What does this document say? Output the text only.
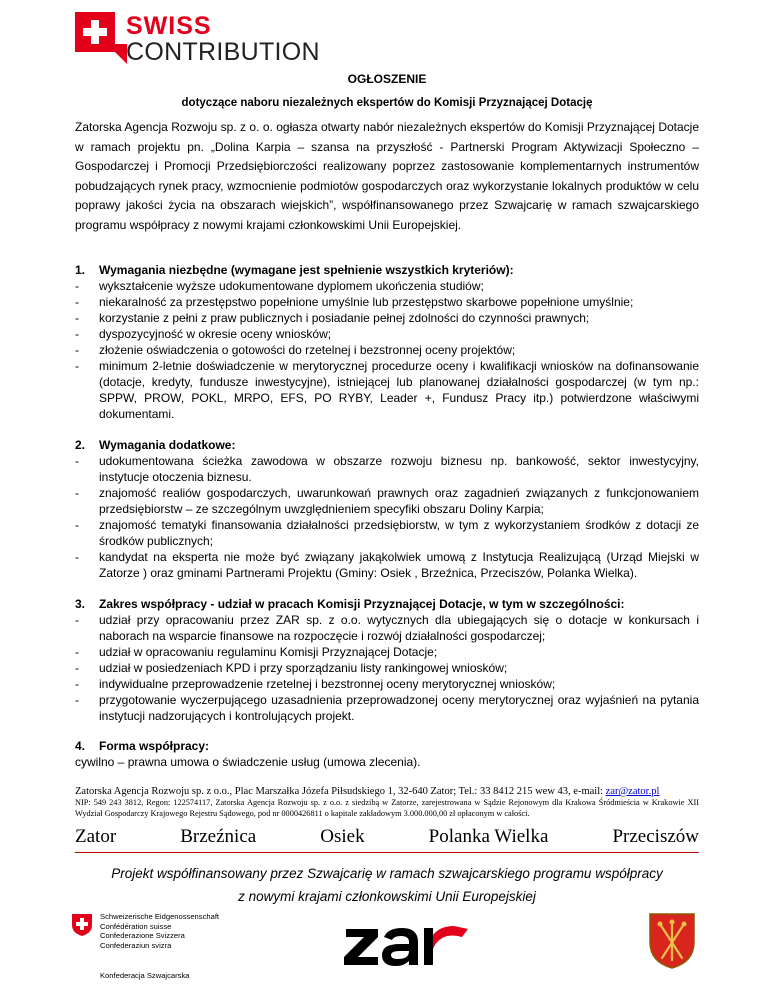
SWISS
CONTRIBUTION
OGŁOSZENIE
dotyczące naboru niezależnych ekspertów do Komisji Przyznającej Dotację
Zatorska Agencja Rozwoju sp. z o. o. ogłasza otwarty nabór niezależnych ekspertów do Komisji Przyznającej Dotacje w ramach projektu pn. „Dolina Karpia – szansa na przyszłość - Partnerski Program Aktywizacji Społeczno – Gospodarczej i Promocji Przedsiębiorczości realizowany poprzez zastosowanie komplementarnych instrumentów pobudzających rynek pracy, wzmocnienie podmiotów gospodarczych oraz wykorzystanie lokalnych produktów w celu poprawy jakości życia na obszarach wiejskich”, współfinansowanego przez Szwajcarię w ramach szwajcarskiego programu współpracy z nowymi krajami członkowskimi Unii Europejskiej.
1. Wymagania niezbędne (wymagane jest spełnienie wszystkich kryteriów):
- wykształcenie wyższe udokumentowane dyplomem ukończenia studiów;
- niekaralność za przestępstwo popełnione umyślnie lub przestępstwo skarbowe popełnione umyślnie;
- korzystanie z pełni z praw publicznych i posiadanie pełnej zdolności do czynności prawnych;
- dyspozycyjność w okresie oceny wniosków;
- złożenie oświadczenia o gotowości do rzetelnej i bezstronnej oceny projektów;
- minimum 2-letnie doświadczenie w merytorycznej procedurze oceny i kwalifikacji wniosków na dofinansowanie (dotacje, kredyty, fundusze inwestycyjne), istniejącej lub planowanej działalności gospodarczej (w tym np.: SPPW, PROW, POKL, MRPO, EFS, PO RYBY, Leader +, Fundusz Pracy itp.) potwierdzone właściwymi dokumentami.
2. Wymagania dodatkowe:
- udokumentowana ścieżka zawodowa w obszarze rozwoju biznesu np. bankowość, sektor inwestycyjny, instytucje otoczenia biznesu.
- znajomość realiów gospodarczych, uwarunkowań prawnych oraz zagadnień związanych z funkcjonowaniem przedsiębiorstw – ze szczególnym uwzględnieniem specyfiki obszaru Doliny Karpia;
- znajomość tematyki finansowania działalności przedsiębiorstw, w tym z wykorzystaniem środków z dotacji ze środków publicznych;
- kandydat na eksperta nie może być związany jakąkolwiek umową z Instytucja Realizującą (Urząd Miejski w Zatorze ) oraz gminami Partnerami Projektu (Gminy: Osiek , Brzeźnica, Przeciszów, Polanka Wielka).
3. Zakres współpracy - udział w pracach Komisji Przyznającej Dotacje, w tym w szczególności:
- udział przy opracowaniu przez ZAR sp. z o.o. wytycznych dla ubiegających się o dotacje w konkursach i naborach na wsparcie finansowe na rozpoczęcie i rozwój działalności gospodarczej;
- udział w opracowaniu regulaminu Komisji Przyznającej Dotacje;
- udział w posiedzeniach KPD i przy sporządzaniu listy rankingowej wniosków;
- indywidualne przeprowadzenie rzetelnej i bezstronnej oceny merytorycznej wniosków;
- przygotowanie wyczerpującego uzasadnienia przeprowadzonej oceny merytorycznej oraz wyjaśnień na pytania instytucji nadzorujących i kontrolujących projekt.
4. Forma współpracy:
cywilno – prawna umowa o świadczenie usług (umowa zlecenia).
Zatorska Agencja Rozwoju sp. z o.o., Plac Marszałka Józefa Piłsudskiego 1, 32-640 Zator; Tel.: 33 8412 215 wew 43, e-mail: zar@zator.pl
NIP: 549 243 3812, Regon: 122574117, Zatorska Agencja Rozwoju sp. z o.o. z siedzibą w Zatorze, zarejestrowana w Sądzie Rejonowym dla Krakowa Śródmieścia w Krakowie XII Wydział Gospodarczy Krajowego Rejestru Sądowego, pod nr 0000426811 o kapitale zakładowym 3.000.000,00 zł opłaconym w całości.
Zator	Brzeźnica	Osiek	Polanka Wielka	Przeciszów
Projekt współfinansowany przez Szwajcarię w ramach szwajcarskiego programu współpracy
z nowymi krajami członkowskimi Unii Europejskiej
Schweizerische Eidgenossenschaft
Confédération suisse
Confederazione Svizzera
Confederaziun svizra
Konfederacja Szwajcarska
